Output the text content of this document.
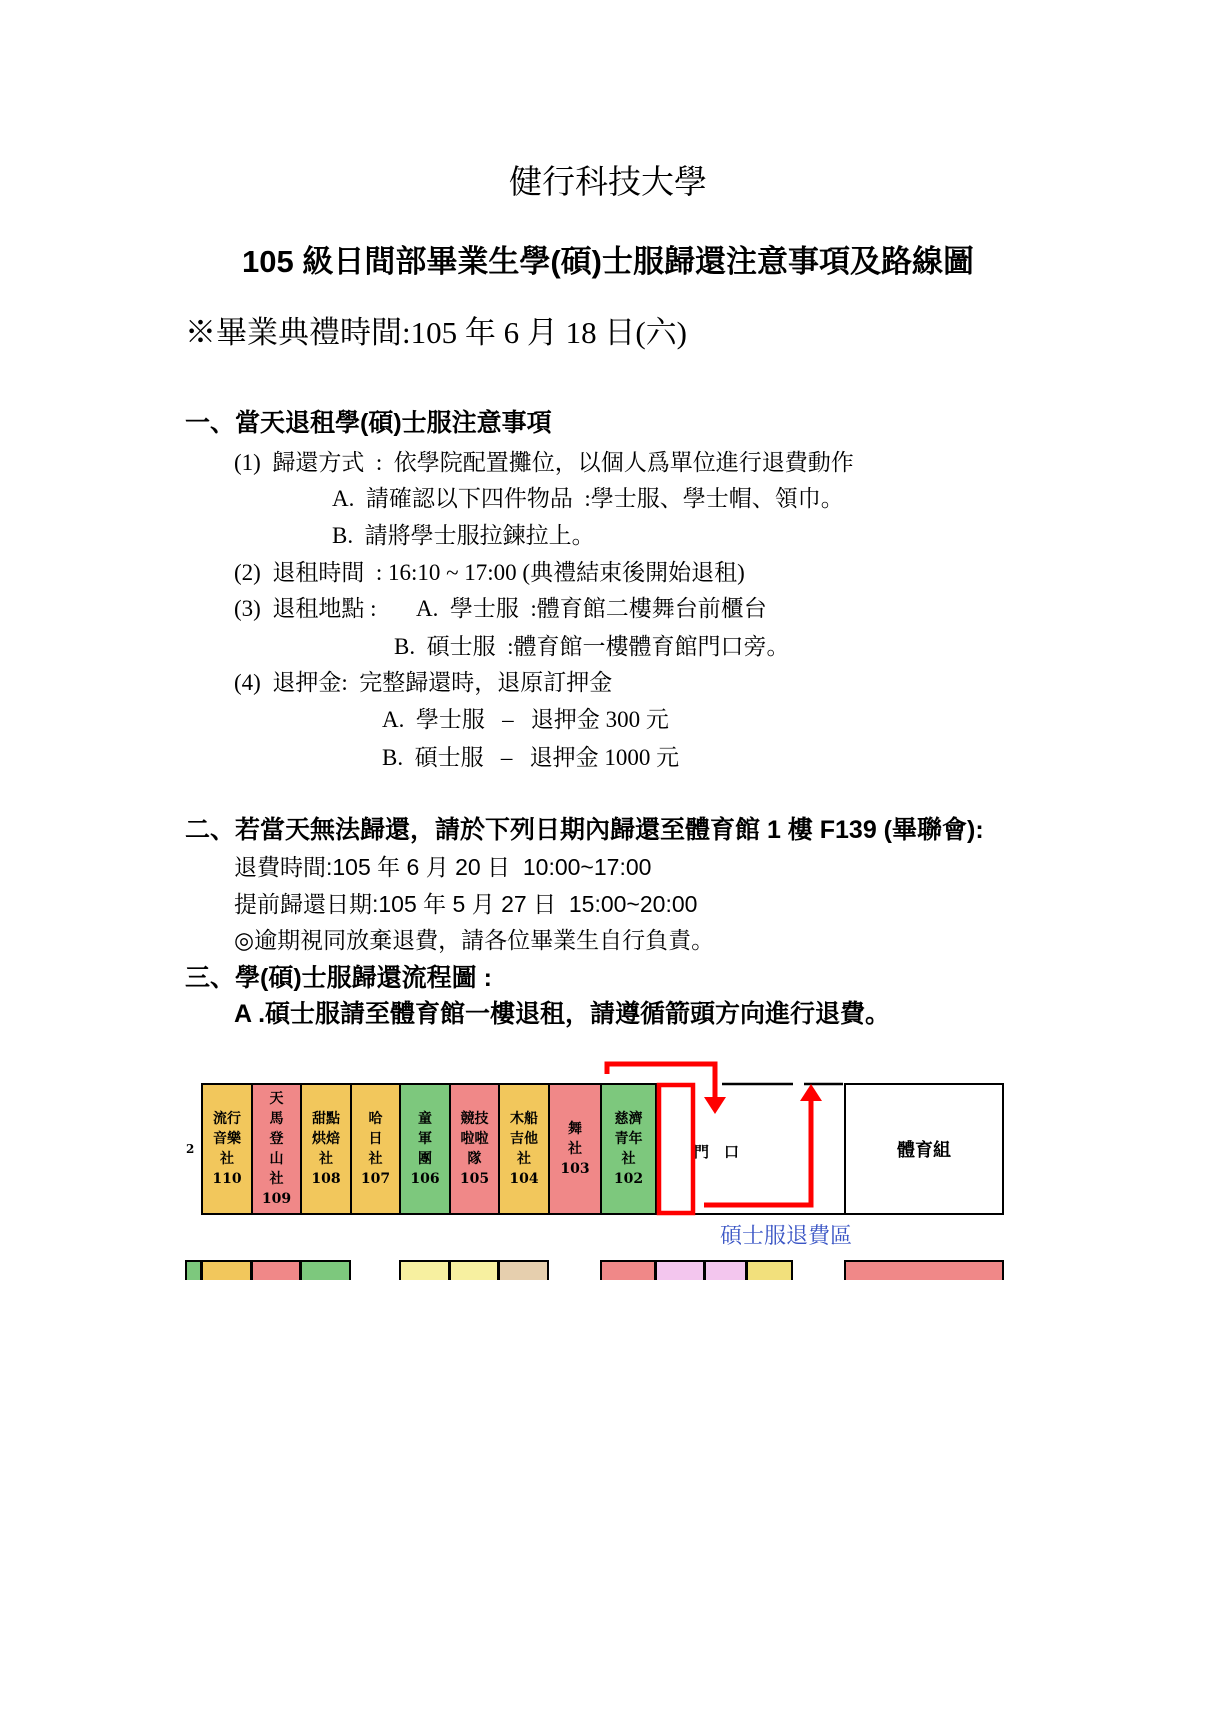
健行科技大學
105 級日間部畢業生學(碩)士服歸還注意事項及路線圖
※畢業典禮時間:105 年 6 月 18 日(六)
一、當天退租學(碩)士服注意事項
(1)  歸還方式  :  依學院配置攤位，以個人爲單位進行退費動作
A.  請確認以下四件物品  :學士服、學士帽、領巾。
B.  請將學士服拉鍊拉上。
(2)  退租時間  : 16:10 ~ 17:00 (典禮結束後開始退租)
(3)  退租地點 : A.  學士服  :體育館二樓舞台前櫃台
B.  碩士服  :體育館一樓體育館門口旁。
(4)  退押金:  完整歸還時，退原訂押金
A.  學士服   –   退押金 300 元
B.  碩士服   –   退押金 1000 元
二、若當天無法歸還，請於下列日期內歸還至體育館 1 樓 F139 (畢聯會):
退費時間:105 年 6 月 20 日  10:00~17:00
提前歸還日期:105 年 5 月 27 日  15:00~20:00
◎逾期視同放棄退費，請各位畢業生自行負責。
三、學(碩)士服歸還流程圖 :
A .碩士服請至體育館一樓退租，請遵循箭頭方向進行退費。
2
流行
音樂
社
110
天
馬
登
山
社
109
甜點
烘焙
社
108
哈
日
社
107
童
軍
團
106
競技
啦啦
隊
105
木船
吉他
社
104
舞
社
103
慈濟
青年
社
102
門　口	體育組
碩士服退費區
